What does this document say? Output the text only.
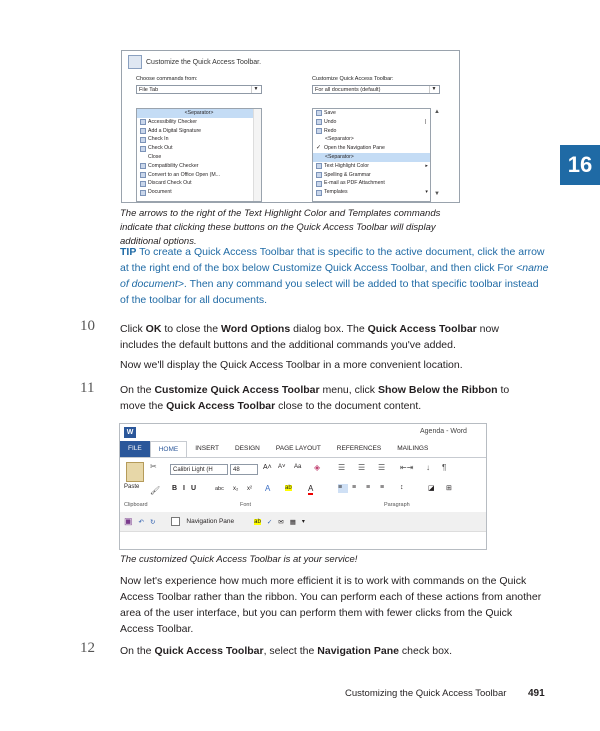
16
Customize the Quick Access Toolbar.
Choose commands from:
File Tab	▼
Customize Quick Access Toolbar:
For all documents (default)	▼
<Separator>
Accessibility Checker
Add a Digital Signature
Check In
Check Out
Close
Compatibility Checker
Convert to an Office Open (M...
Discard Check Out
Document
Save
Undo	|
Redo
<Separator>
✓ Open the Navigation Pane
<Separator>
Text Highlight Color	▸
Spelling & Grammar
E-mail as PDF Attachment
Templates	▾
▲
▼
The arrows to the right of the Text Highlight Color and Templates commands indicate that clicking these buttons on the Quick Access Toolbar will display additional options.
TIP To create a Quick Access Toolbar that is specific to the active document, click the arrow at the right end of the box below Customize Quick Access Toolbar, and then click For <name of document>. Then any command you select will be added to that specific toolbar instead of the toolbar for all documents.
10 Click OK to close the Word Options dialog box. The Quick Access Toolbar now includes the default buttons and the additional commands you've added.
Now we'll display the Quick Access Toolbar in a more convenient location.
11 On the Customize Quick Access Toolbar menu, click Show Below the Ribbon to move the Quick Access Toolbar close to the document content.
W	Agenda - Word
FILE	HOME	INSERT	DESIGN	PAGE LAYOUT	REFERENCES	MAILINGS
Paste
✂
🖌
Calibri Light (H	48	A˄ A˅ Aa ◈
BIU abc x₂ x² A ab A
☰ ☰ ☰ ⇤⇥ ↓ ¶
≡	≡ ≡ ≡ ↕	◪ ⊞
Clipboard	Font	Paragraph
▣ ↶ ↻	Navigation Pane	ab ✓ ✉ ▦ ▾
The customized Quick Access Toolbar is at your service!
Now let's experience how much more efficient it is to work with commands on the Quick Access Toolbar rather than the ribbon. You can perform each of these actions from another area of the user interface, but you can perform them with fewer clicks from the Quick Access Toolbar.
12 On the Quick Access Toolbar, select the Navigation Pane check box.
Customizing the Quick Access Toolbar 491
